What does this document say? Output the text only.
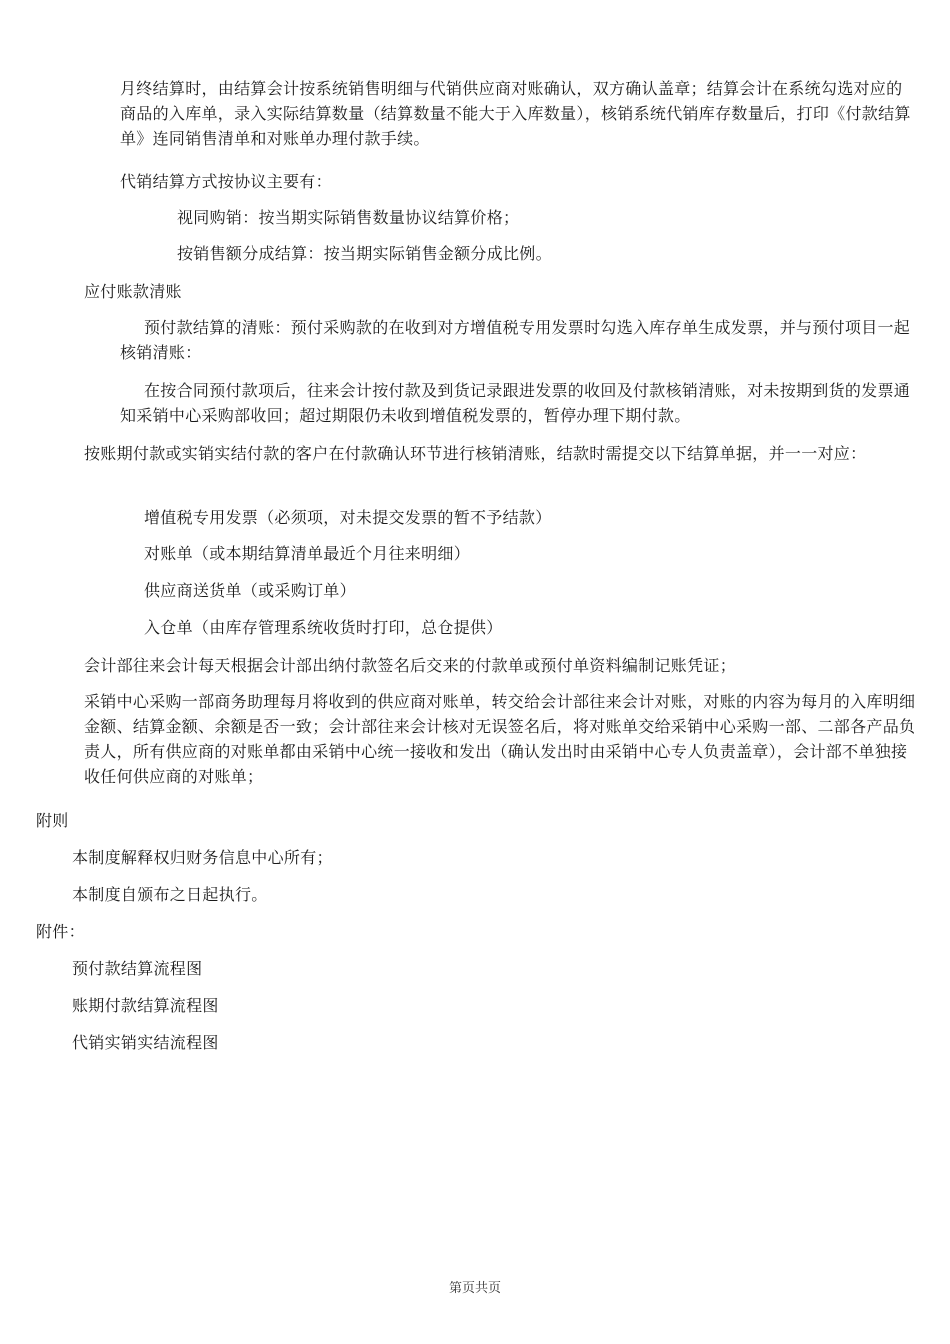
月终结算时，由结算会计按系统销售明细与代销供应商对账确认，双方确认盖章；结算会计在系统勾选对应的商品的入库单，录入实际结算数量（结算数量不能大于入库数量），核销系统代销库存数量后，打印《付款结算单》连同销售清单和对账单办理付款手续。

代销结算方式按协议主要有：

视同购销：按当期实际销售数量协议结算价格；

按销售额分成结算：按当期实际销售金额分成比例。

应付账款清账

预付款结算的清账：预付采购款的在收到对方增值税专用发票时勾选入库存单生成发票，并与预付项目一起核销清账：

在按合同预付款项后，往来会计按付款及到货记录跟进发票的收回及付款核销清账，对未按期到货的发票通知采销中心采购部收回；超过期限仍未收到增值税发票的，暂停办理下期付款。

按账期付款或实销实结付款的客户在付款确认环节进行核销清账，结款时需提交以下结算单据，并一一对应：

增值税专用发票（必须项，对未提交发票的暂不予结款）

对账单（或本期结算清单最近个月往来明细）

供应商送货单（或采购订单）

入仓单（由库存管理系统收货时打印，总仓提供）

会计部往来会计每天根据会计部出纳付款签名后交来的付款单或预付单资料编制记账凭证；

采销中心采购一部商务助理每月将收到的供应商对账单，转交给会计部往来会计对账，对账的内容为每月的入库明细金额、结算金额、余额是否一致；会计部往来会计核对无误签名后，将对账单交给采销中心采购一部、二部各产品负责人，所有供应商的对账单都由采销中心统一接收和发出（确认发出时由采销中心专人负责盖章），会计部不单独接收任何供应商的对账单；

附则

本制度解释权归财务信息中心所有；

本制度自颁布之日起执行。

附件：

预付款结算流程图

账期付款结算流程图

代销实销实结流程图

第页共页
